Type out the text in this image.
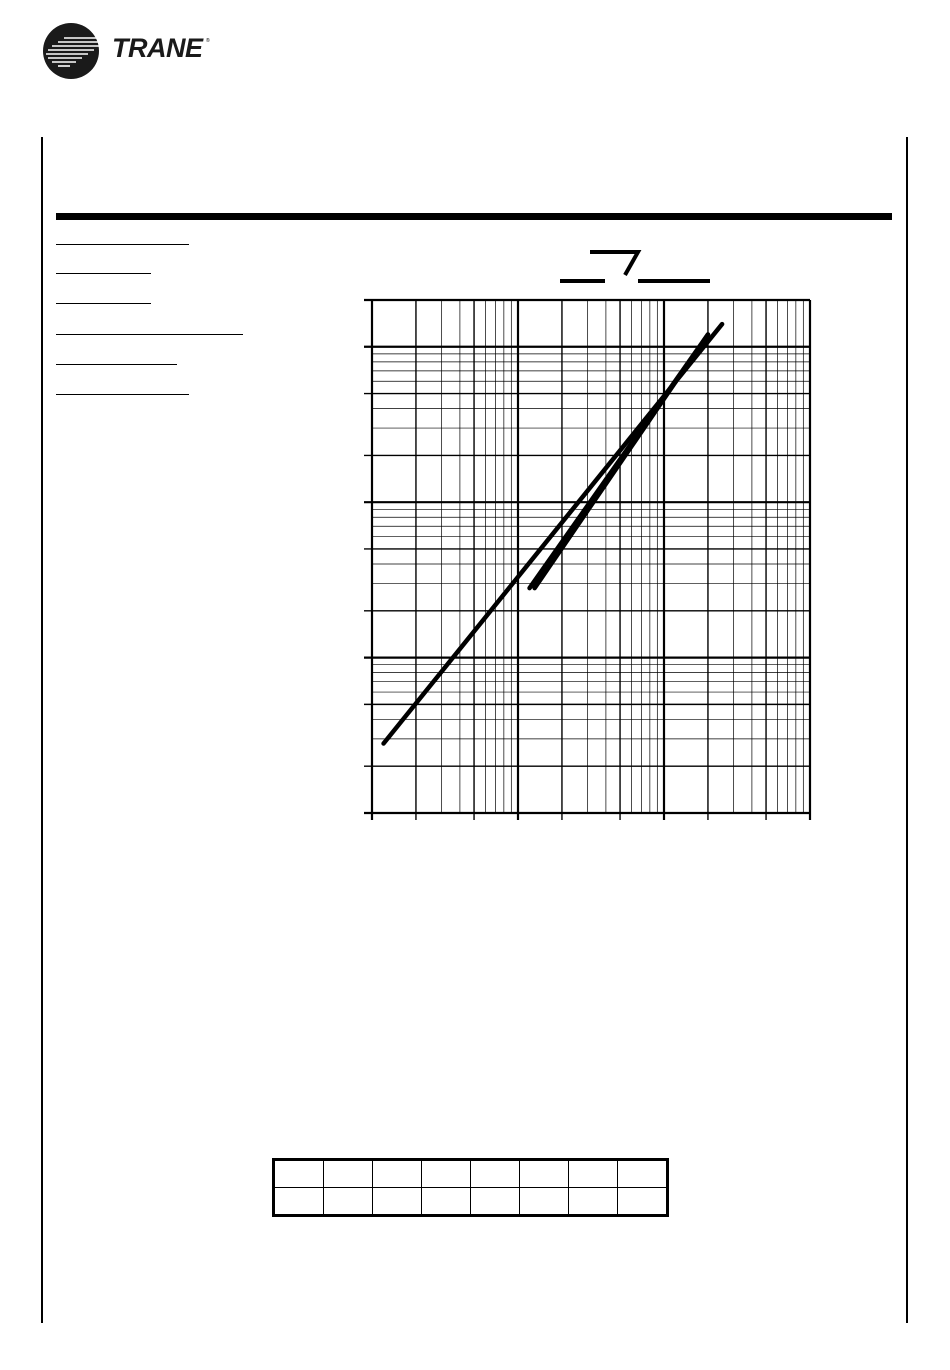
TRANE ®
